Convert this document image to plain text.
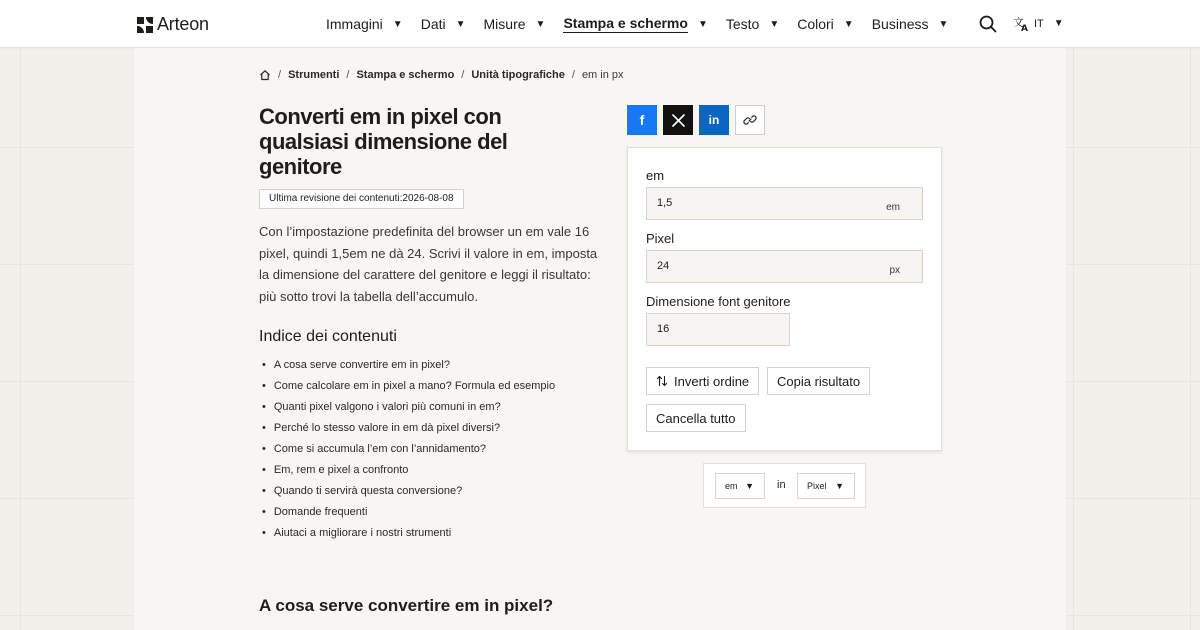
Arteon	Immagini ▼ Dati ▼ Misure ▼ Stampa e schermo ▼ Testo ▼ Colori ▼ Business ▼	文
A IT ▼
/ Strumenti / Stampa e schermo / Unità tipografiche / em in px
Converti em in pixel con qualsiasi dimensione del genitore
Ultima revisione dei contenuti:2026-08-08

Con l’impostazione predefinita del browser un em vale 16 pixel, quindi 1,5em ne dà 24. Scrivi il valore in em, imposta la dimensione del carattere del genitore e leggi il risultato: più sotto trovi la tabella dell’accumulo.

Indice dei contenuti
• A cosa serve convertire em in pixel?
• Come calcolare em in pixel a mano? Formula ed esempio
• Quanti pixel valgono i valori più comuni in em?
• Perché lo stesso valore in em dà pixel diversi?
• Come si accumula l’em con l’annidamento?
• Em, rem e pixel a confronto
• Quando ti servirà questa conversione?
• Domande frequenti
• Aiutaci a migliorare i nostri strumenti
A cosa serve convertire em in pixel?
f	in
em
1,5	em
Pixel
24	px
Dimensione font genitore
16
Inverti ordine Copia risultato
Cancella tutto
em ▼ in Pixel ▼
